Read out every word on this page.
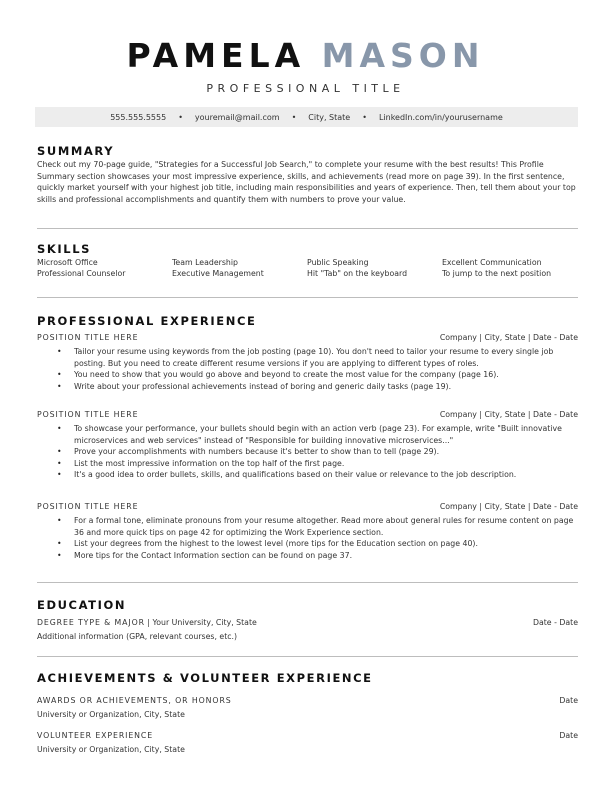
PAMELA MASON
PROFESSIONAL TITLE
555.555.5555 • youremail@mail.com • City, State • LinkedIn.com/in/yourusername
SUMMARY
Check out my 70-page guide, "Strategies for a Successful Job Search," to complete your resume with the best results! This Profile Summary section showcases your most impressive experience, skills, and achievements (read more on page 39). In the first sentence, quickly market yourself with your highest job title, including main responsibilities and years of experience. Then, tell them about your top skills and professional accomplishments and quantify them with numbers to prove your value.
SKILLS
Microsoft Office	Team Leadership	Public Speaking	Excellent Communication
Professional Counselor	Executive Management	Hit "Tab" on the keyboard	To jump to the next position
PROFESSIONAL EXPERIENCE
POSITION TITLE HERE	Company | City, State | Date - Date
• Tailor your resume using keywords from the job posting (page 10). You don't need to tailor your resume to every single job posting. But you need to create different resume versions if you are applying to different types of roles.
• You need to show that you would go above and beyond to create the most value for the company (page 16).
• Write about your professional achievements instead of boring and generic daily tasks (page 19).
POSITION TITLE HERE	Company | City, State | Date - Date
• To showcase your performance, your bullets should begin with an action verb (page 23). For example, write "Built innovative microservices and web services" instead of "Responsible for building innovative microservices..."
• Prove your accomplishments with numbers because it's better to show than to tell (page 29).
• List the most impressive information on the top half of the first page.
• It's a good idea to order bullets, skills, and qualifications based on their value or relevance to the job description.
POSITION TITLE HERE	Company | City, State | Date - Date
• For a formal tone, eliminate pronouns from your resume altogether. Read more about general rules for resume content on page 36 and more quick tips on page 42 for optimizing the Work Experience section.
• List your degrees from the highest to the lowest level (more tips for the Education section on page 40).
• More tips for the Contact Information section can be found on page 37.
EDUCATION
DEGREE TYPE & MAJOR | Your University, City, State	Date - Date
Additional information (GPA, relevant courses, etc.)
ACHIEVEMENTS & VOLUNTEER EXPERIENCE
AWARDS OR ACHIEVEMENTS, OR HONORS	Date
University or Organization, City, State
VOLUNTEER EXPERIENCE	Date
University or Organization, City, State
